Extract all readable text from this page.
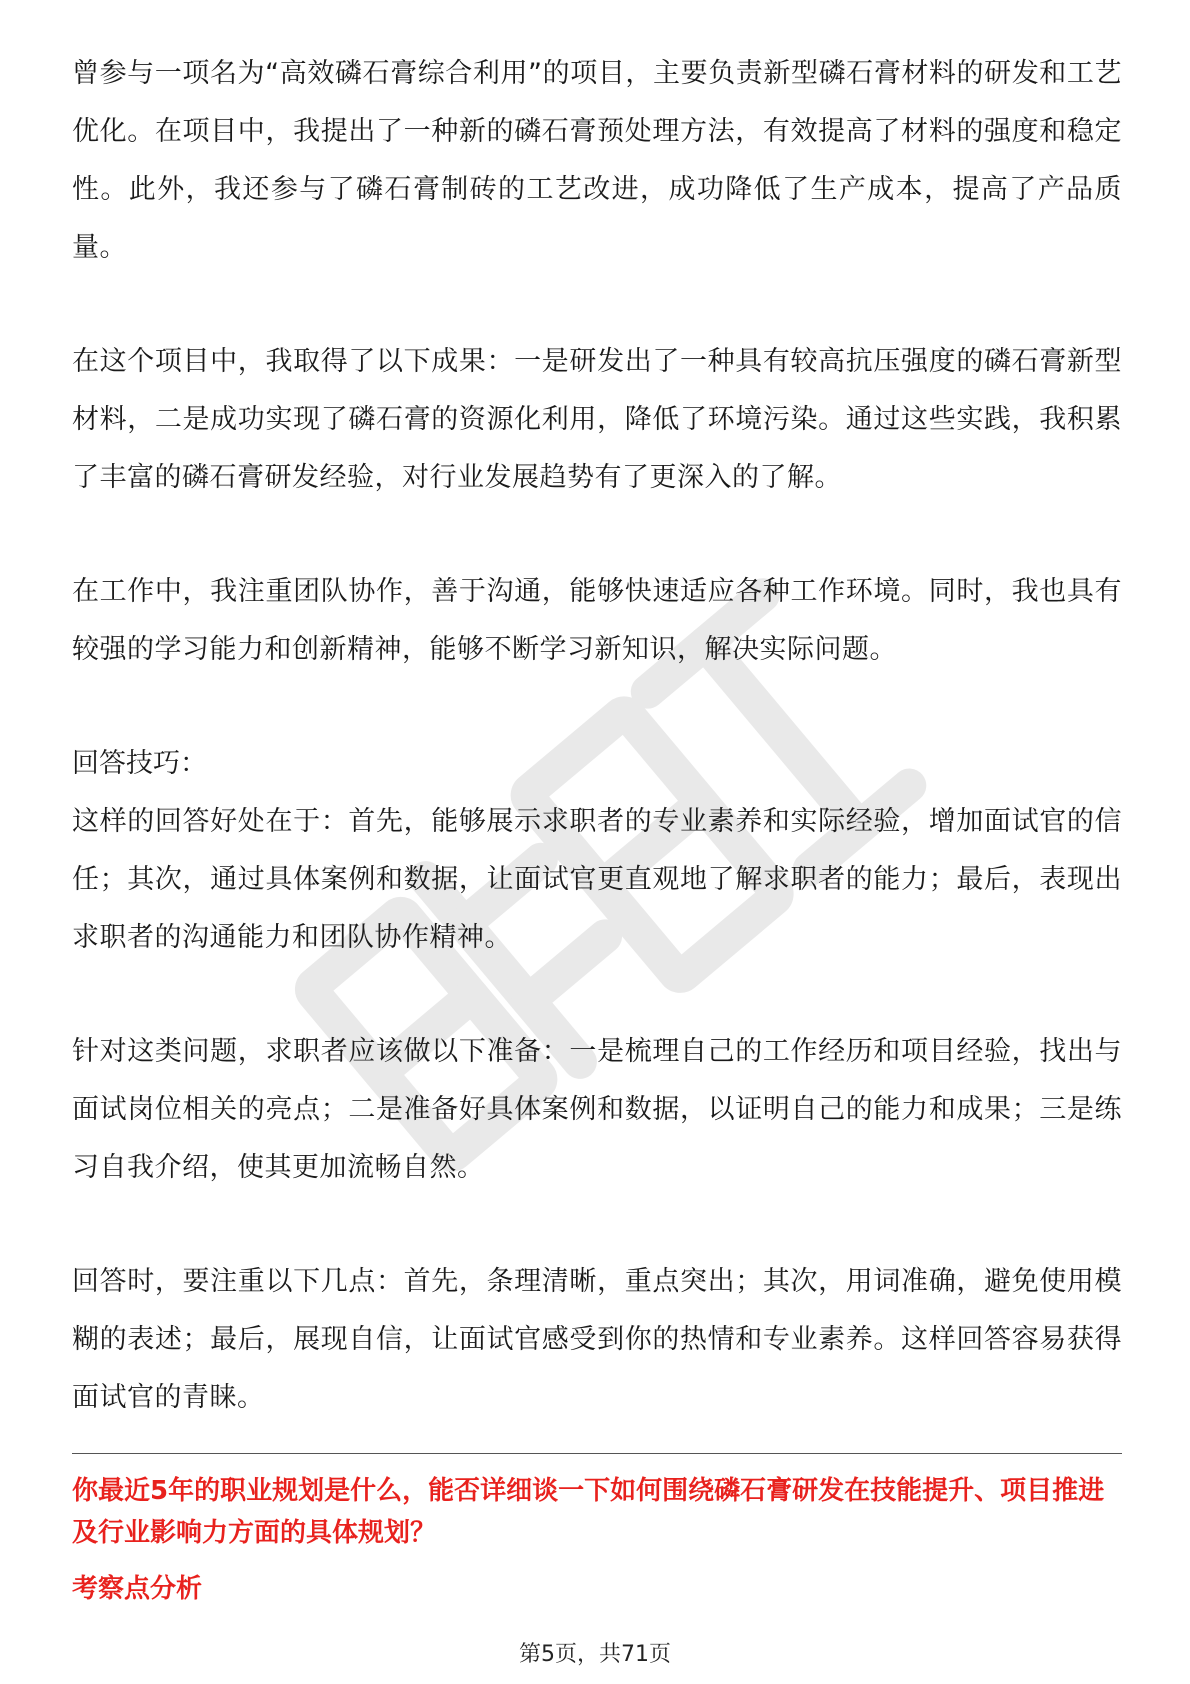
曾参与一项名为“高效磷石膏综合利用”的项目，主要负责新型磷石膏材料的研发和工艺优化。在项目中，我提出了一种新的磷石膏预处理方法，有效提高了材料的强度和稳定性。此外，我还参与了磷石膏制砖的工艺改进，成功降低了生产成本，提高了产品质量。

在这个项目中，我取得了以下成果：一是研发出了一种具有较高抗压强度的磷石膏新型材料，二是成功实现了磷石膏的资源化利用，降低了环境污染。通过这些实践，我积累了丰富的磷石膏研发经验，对行业发展趋势有了更深入的了解。

在工作中，我注重团队协作，善于沟通，能够快速适应各种工作环境。同时，我也具有较强的学习能力和创新精神，能够不断学习新知识，解决实际问题。

回答技巧：

这样的回答好处在于：首先，能够展示求职者的专业素养和实际经验，增加面试官的信任；其次，通过具体案例和数据，让面试官更直观地了解求职者的能力；最后，表现出求职者的沟通能力和团队协作精神。

针对这类问题，求职者应该做以下准备：一是梳理自己的工作经历和项目经验，找出与面试岗位相关的亮点；二是准备好具体案例和数据，以证明自己的能力和成果；三是练习自我介绍，使其更加流畅自然。

回答时，要注重以下几点：首先，条理清晰，重点突出；其次，用词准确，避免使用模糊的表述；最后，展现自信，让面试官感受到你的热情和专业素养。这样回答容易获得面试官的青睐。

你最近5年的职业规划是什么，能否详细谈一下如何围绕磷石膏研发在技能提升、项目推进及行业影响力方面的具体规划？

考察点分析

第5页，共71页
